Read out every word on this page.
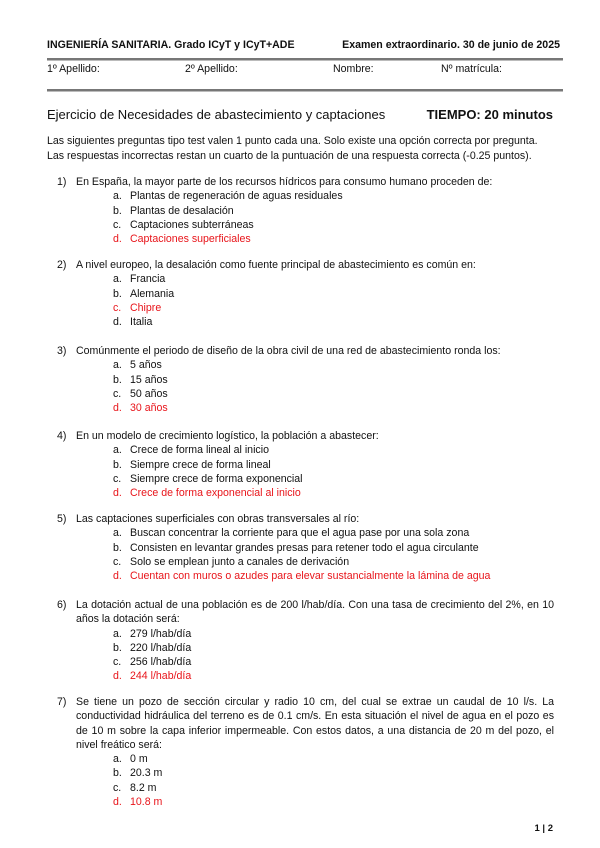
INGENIERÍA SANITARIA. Grado ICyT y ICyT+ADE	Examen extraordinario. 30 de junio de 2025
1º Apellido:	2º Apellido:	Nombre:	Nº matrícula:
Ejercicio de Necesidades de abastecimiento y captaciones	TIEMPO: 20 minutos
Las siguientes preguntas tipo test valen 1 punto cada una. Solo existe una opción correcta por pregunta.
Las respuestas incorrectas restan un cuarto de la puntuación de una respuesta correcta (-0.25 puntos).
1) En España, la mayor parte de los recursos hídricos para consumo humano proceden de:
a. Plantas de regeneración de aguas residuales
b. Plantas de desalación
c. Captaciones subterráneas
d. Captaciones superficiales
2) A nivel europeo, la desalación como fuente principal de abastecimiento es común en:
a. Francia
b. Alemania
c. Chipre
d. Italia
3) Comúnmente el periodo de diseño de la obra civil de una red de abastecimiento ronda los:
a. 5 años
b. 15 años
c. 50 años
d. 30 años
4) En un modelo de crecimiento logístico, la población a abastecer:
a. Crece de forma lineal al inicio
b. Siempre crece de forma lineal
c. Siempre crece de forma exponencial
d. Crece de forma exponencial al inicio
5) Las captaciones superficiales con obras transversales al río:
a. Buscan concentrar la corriente para que el agua pase por una sola zona
b. Consisten en levantar grandes presas para retener todo el agua circulante
c. Solo se emplean junto a canales de derivación
d. Cuentan con muros o azudes para elevar sustancialmente la lámina de agua
6) La dotación actual de una población es de 200 l/hab/día. Con una tasa de crecimiento del 2%, en 10 años la dotación será:
a. 279 l/hab/día
b. 220 l/hab/día
c. 256 l/hab/día
d. 244 l/hab/día
7) Se tiene un pozo de sección circular y radio 10 cm, del cual se extrae un caudal de 10 l/s. La conductividad hidráulica del terreno es de 0.1 cm/s. En esta situación el nivel de agua en el pozo es de 10 m sobre la capa inferior impermeable. Con estos datos, a una distancia de 20 m del pozo, el nivel freático será:
a. 0 m
b. 20.3 m
c. 8.2 m
d. 10.8 m
1 | 2
